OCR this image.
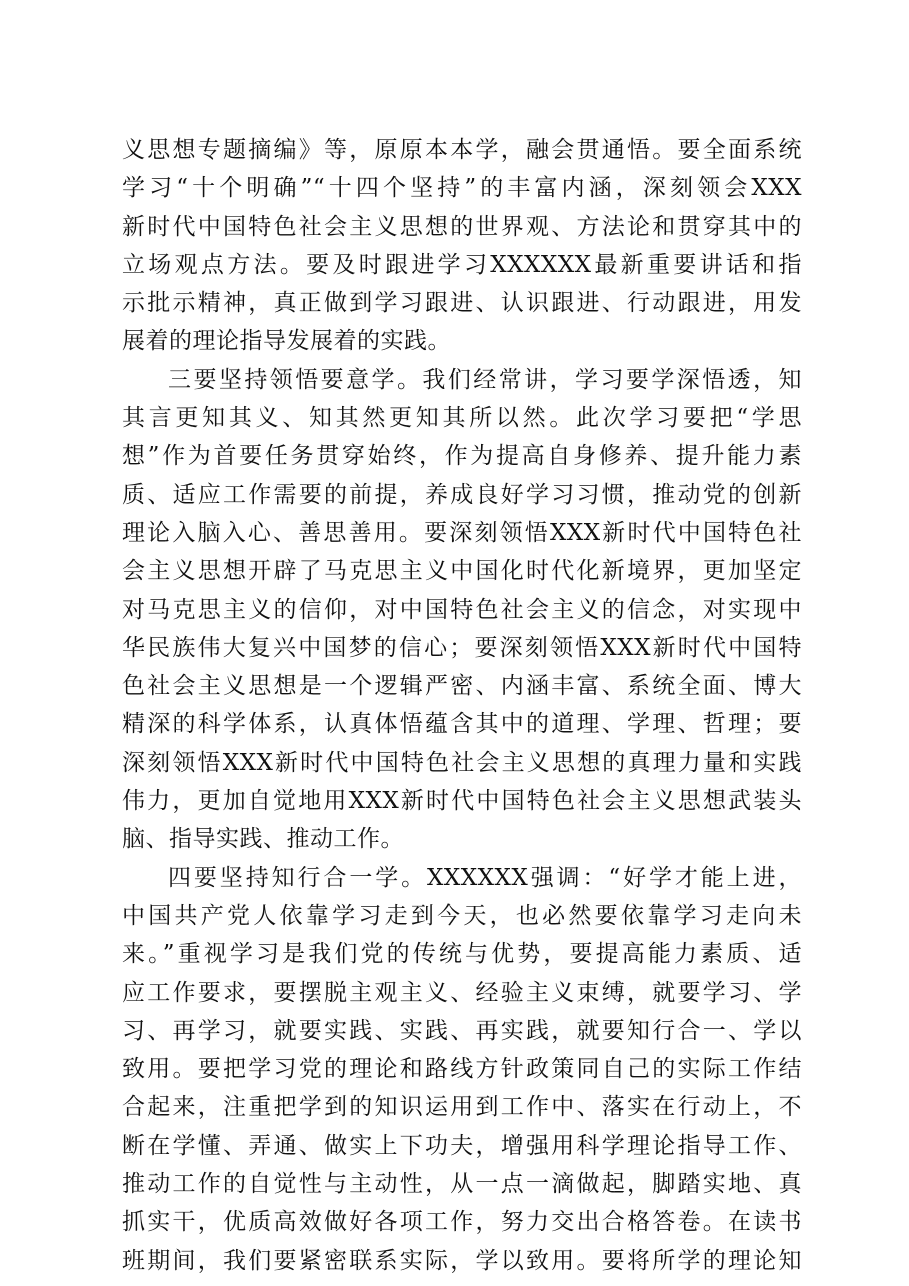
义思想专题摘编》等，原原本本学，融会贯通悟。要全面系统
学习“十个明确”“十四个坚持”的丰富内涵，深刻领会XXX
新时代中国特色社会主义思想的世界观、方法论和贯穿其中的
立场观点方法。要及时跟进学习XXXXXX最新重要讲话和指
示批示精神，真正做到学习跟进、认识跟进、行动跟进，用发
展着的理论指导发展着的实践。
三要坚持领悟要意学。我们经常讲，学习要学深悟透，知
其言更知其义、知其然更知其所以然。此次学习要把“学思
想”作为首要任务贯穿始终，作为提高自身修养、提升能力素
质、适应工作需要的前提，养成良好学习习惯，推动党的创新
理论入脑入心、善思善用。要深刻领悟XXX新时代中国特色社
会主义思想开辟了马克思主义中国化时代化新境界，更加坚定
对马克思主义的信仰，对中国特色社会主义的信念，对实现中
华民族伟大复兴中国梦的信心；要深刻领悟XXX新时代中国特
色社会主义思想是一个逻辑严密、内涵丰富、系统全面、博大
精深的科学体系，认真体悟蕴含其中的道理、学理、哲理；要
深刻领悟XXX新时代中国特色社会主义思想的真理力量和实践
伟力，更加自觉地用XXX新时代中国特色社会主义思想武装头
脑、指导实践、推动工作。
四要坚持知行合一学。XXXXXX强调：“好学才能上进，
中国共产党人依靠学习走到今天，也必然要依靠学习走向未
来。”重视学习是我们党的传统与优势，要提高能力素质、适
应工作要求，要摆脱主观主义、经验主义束缚，就要学习、学
习、再学习，就要实践、实践、再实践，就要知行合一、学以
致用。要把学习党的理论和路线方针政策同自己的实际工作结
合起来，注重把学到的知识运用到工作中、落实在行动上，不
断在学懂、弄通、做实上下功夫，增强用科学理论指导工作、
推动工作的自觉性与主动性，从一点一滴做起，脚踏实地、真
抓实干，优质高效做好各项工作，努力交出合格答卷。在读书
班期间，我们要紧密联系实际，学以致用。要将所学的理论知
